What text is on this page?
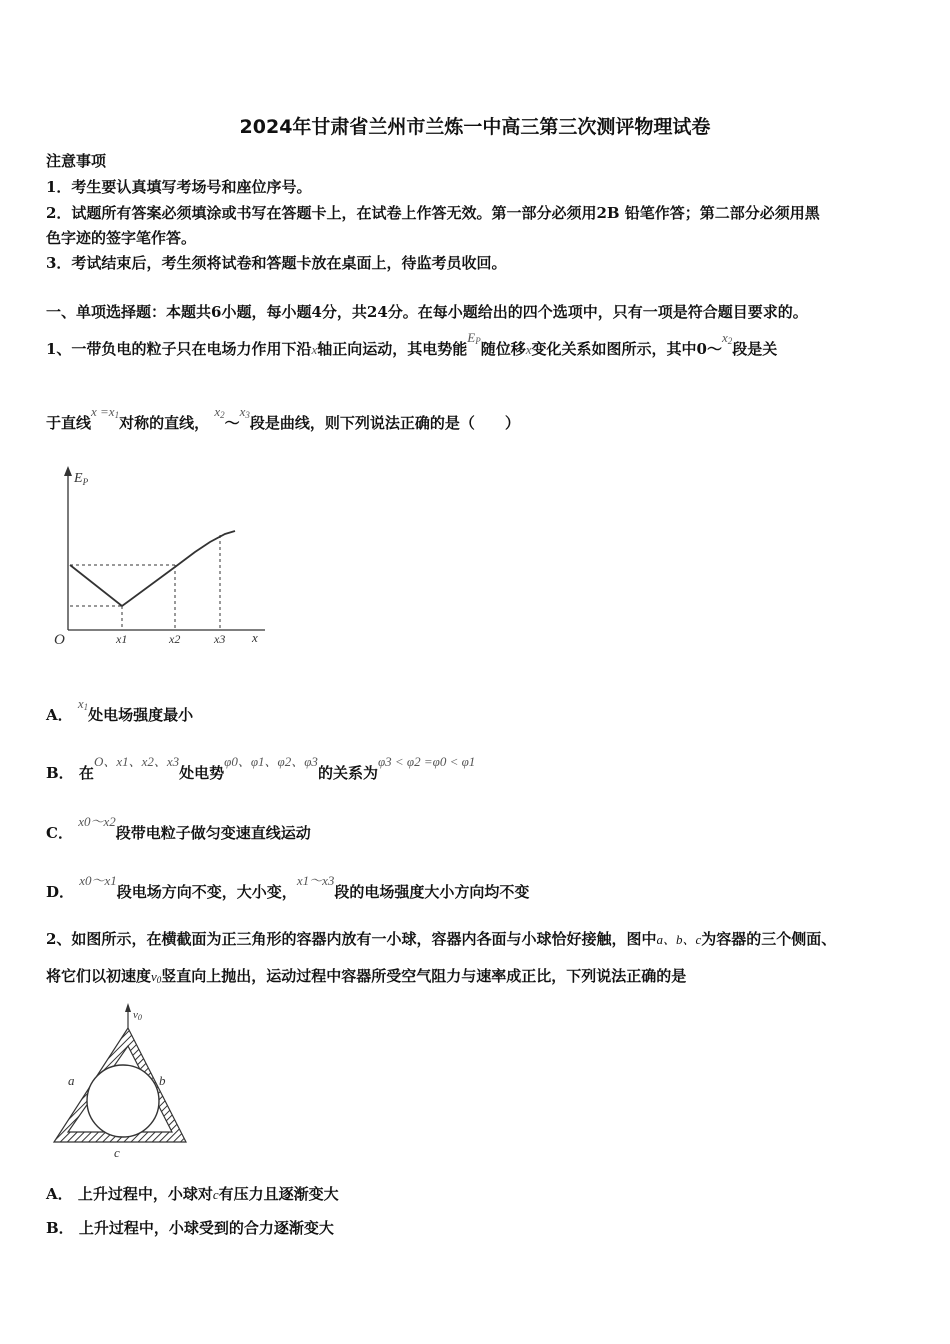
2024年甘肃省兰州市兰炼一中高三第三次测评物理试卷
注意事项
1．考生要认真填写考场号和座位序号。
2．试题所有答案必须填涂或书写在答题卡上，在试卷上作答无效。第一部分必须用2B 铅笔作答；第二部分必须用黑
色字迹的签字笔作答。
3．考试结束后，考生须将试卷和答题卡放在桌面上，待监考员收回。
一、单项选择题：本题共6小题，每小题4分，共24分。在每小题给出的四个选项中，只有一项是符合题目要求的。
1、一带负电的粒子只在电场力作用下沿x轴正向运动，其电势能$E_P$随位移x变化关系如图所示，其中$0\sim x_2$段是关
于直线$x =x_1$对称的直线， $x_2\sim x_3$段是曲线，则下列说法正确的是（　　）
$E_P$
O	x
x1	x2	x3
A． $x_1$处电场强度最小
B． 在O、x1、x2、x3处电势φ0、φ1、φ2、φ3的关系为φ3 < φ2 =φ0 < φ1
C． x0～x2段带电粒子做匀变速直线运动
D． x0～x1段电场方向不变，大小变，x1～x3段的电场强度大小方向均不变
2、如图所示，在横截面为正三角形的容器内放有一小球，容器内各面与小球恰好接触，图中a、b、c为容器的三个侧面、
将它们以初速度$v_0$竖直向上抛出，运动过程中容器所受空气阻力与速率成正比，下列说法正确的是
v0
a	b
c
A． 上升过程中，小球对c有压力且逐渐变大
B． 上升过程中，小球受到的合力逐渐变大
